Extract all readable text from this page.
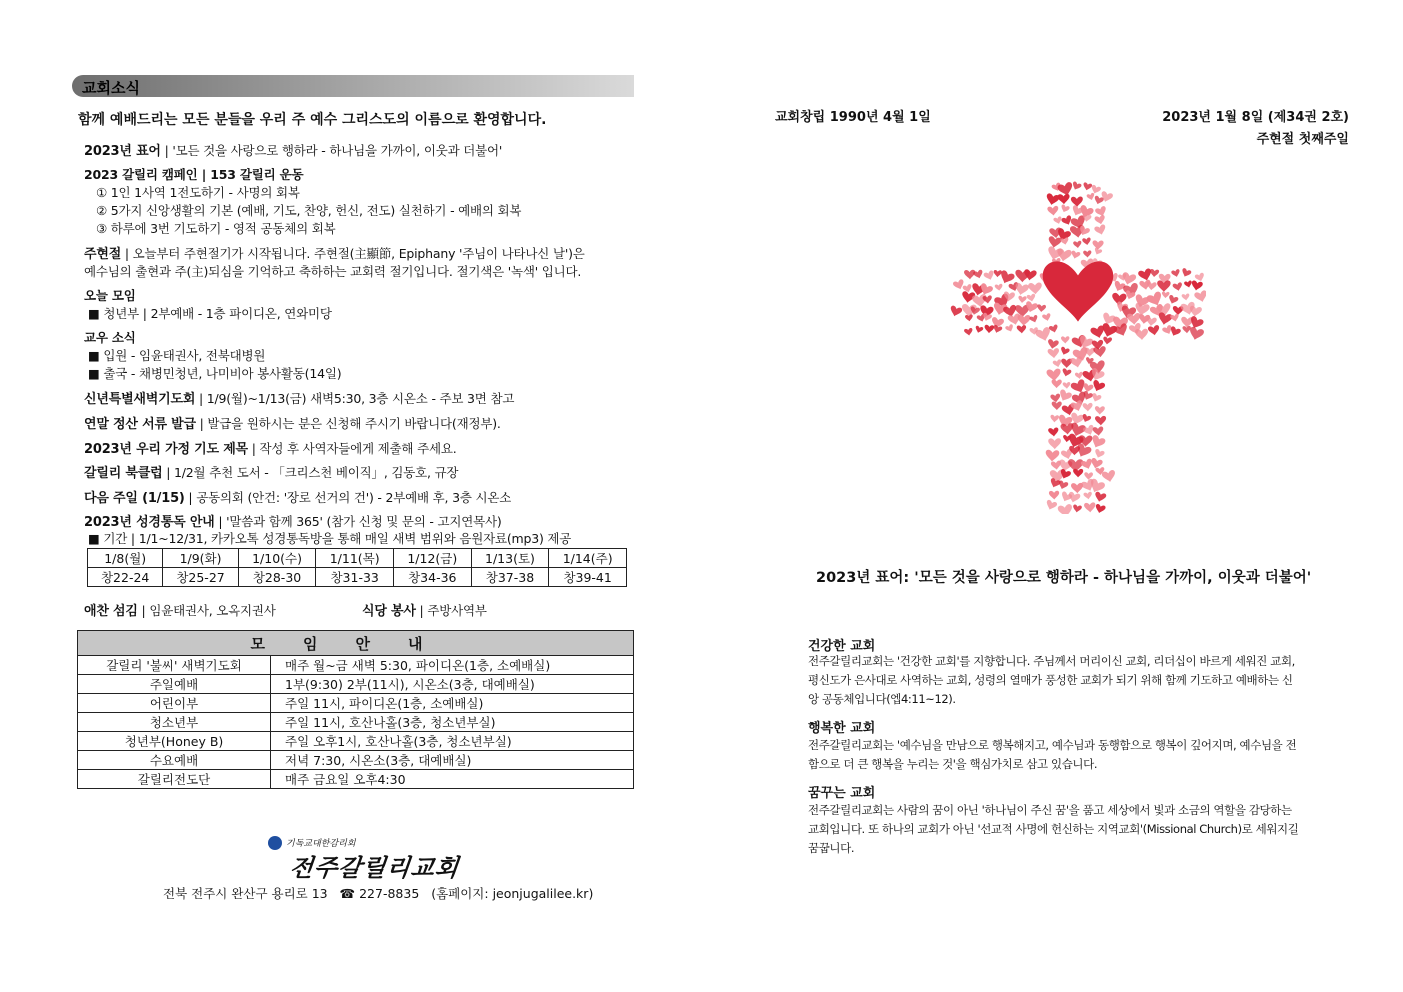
교회소식
함께 예배드리는 모든 분들을 우리 주 예수 그리스도의 이름으로 환영합니다.
2023년 표어 | '모든 것을 사랑으로 행하라 - 하나님을 가까이, 이웃과 더불어'
2023 갈릴리 캠페인 | 153 갈릴리 운동
① 1인 1사역 1전도하기 - 사명의 회복
② 5가지 신앙생활의 기본 (예배, 기도, 찬양, 헌신, 전도) 실천하기 - 예배의 회복
③ 하루에 3번 기도하기 - 영적 공동체의 회복
주현절 | 오늘부터 주현절기가 시작됩니다. 주현절(主顯節, Epiphany '주님이 나타나신 날')은
예수님의 출현과 주(主)되심을 기억하고 축하하는 교회력 절기입니다. 절기색은 '녹색' 입니다.
오늘 모임
■ 청년부 | 2부예배 - 1층 파이디온, 연와미당
교우 소식
■ 입원 - 임윤태권사, 전북대병원
■ 출국 - 채병민청년, 나미비아 봉사활동(14일)
신년특별새벽기도회 | 1/9(월)~1/13(금) 새벽5:30, 3층 시온소 - 주보 3면 참고
연말 정산 서류 발급 | 발급을 원하시는 분은 신청해 주시기 바랍니다(재정부).
2023년 우리 가정 기도 제목 | 작성 후 사역자들에게 제출해 주세요.
갈릴리 북클럽 | 1/2월 추천 도서 - 「크리스천 베이직」, 김동호, 규장
다음 주일 (1/15) | 공동의회 (안건: '장로 선거의 건') - 2부예배 후, 3층 시온소
2023년 성경통독 안내 | '말씀과 함께 365' (참가 신청 및 문의 - 고지연목사)
■ 기간 | 1/1~12/31, 카카오톡 성경통독방을 통해 매일 새벽 범위와 음원자료(mp3) 제공
1/8(월)	1/9(화)	1/10(수)	1/11(목)	1/12(금)	1/13(토)	1/14(주)
창22-24	창25-27	창28-30	창31-33	창34-36	창37-38	창39-41
애찬 섬김 | 임윤태권사, 오옥지권사	식당 봉사 | 주방사역부
모임안내	
갈릴리 '불씨' 새벽기도회	매주 월~금 새벽 5:30, 파이디온(1층, 소예배실)
주일예배	1부(9:30) 2부(11시), 시온소(3층, 대예배실)
어린이부	주일 11시, 파이디온(1층, 소예배실)
청소년부	주일 11시, 호산나홀(3층, 청소년부실)
청년부(Honey B)	주일 오후1시, 호산나홀(3층, 청소년부실)
수요예배	저녁 7:30, 시온소(3층, 대예배실)
갈릴리전도단	매주 금요일 오후4:30
기독교대한감리회
전주갈릴리교회
전북 전주시 완산구 용리로 13 ☎ 227-8835 (홈페이지: jeonjugalilee.kr)
교회창립 1990년 4월 1일	2023년 1월 8일 (제34권 2호)
주현절 첫째주일
2023년 표어: '모든 것을 사랑으로 행하라 - 하나님을 가까이, 이웃과 더불어'
건강한 교회
전주갈릴리교회는 '건강한 교회'를 지향합니다. 주님께서 머리이신 교회, 리더십이 바르게 세워진 교회,
평신도가 은사대로 사역하는 교회, 성령의 열매가 풍성한 교회가 되기 위해 함께 기도하고 예배하는 신
앙 공동체입니다(엡4:11~12).
행복한 교회
전주갈릴리교회는 '예수님을 만남으로 행복해지고, 예수님과 동행함으로 행복이 깊어지며, 예수님을 전
함으로 더 큰 행복을 누리는 것'을 핵심가치로 삼고 있습니다.
꿈꾸는 교회
전주갈릴리교회는 사람의 꿈이 아닌 '하나님이 주신 꿈'을 품고 세상에서 빛과 소금의 역할을 감당하는
교회입니다. 또 하나의 교회가 아닌 '선교적 사명에 헌신하는 지역교회'(Missional Church)로 세워지길
꿈꿉니다.
